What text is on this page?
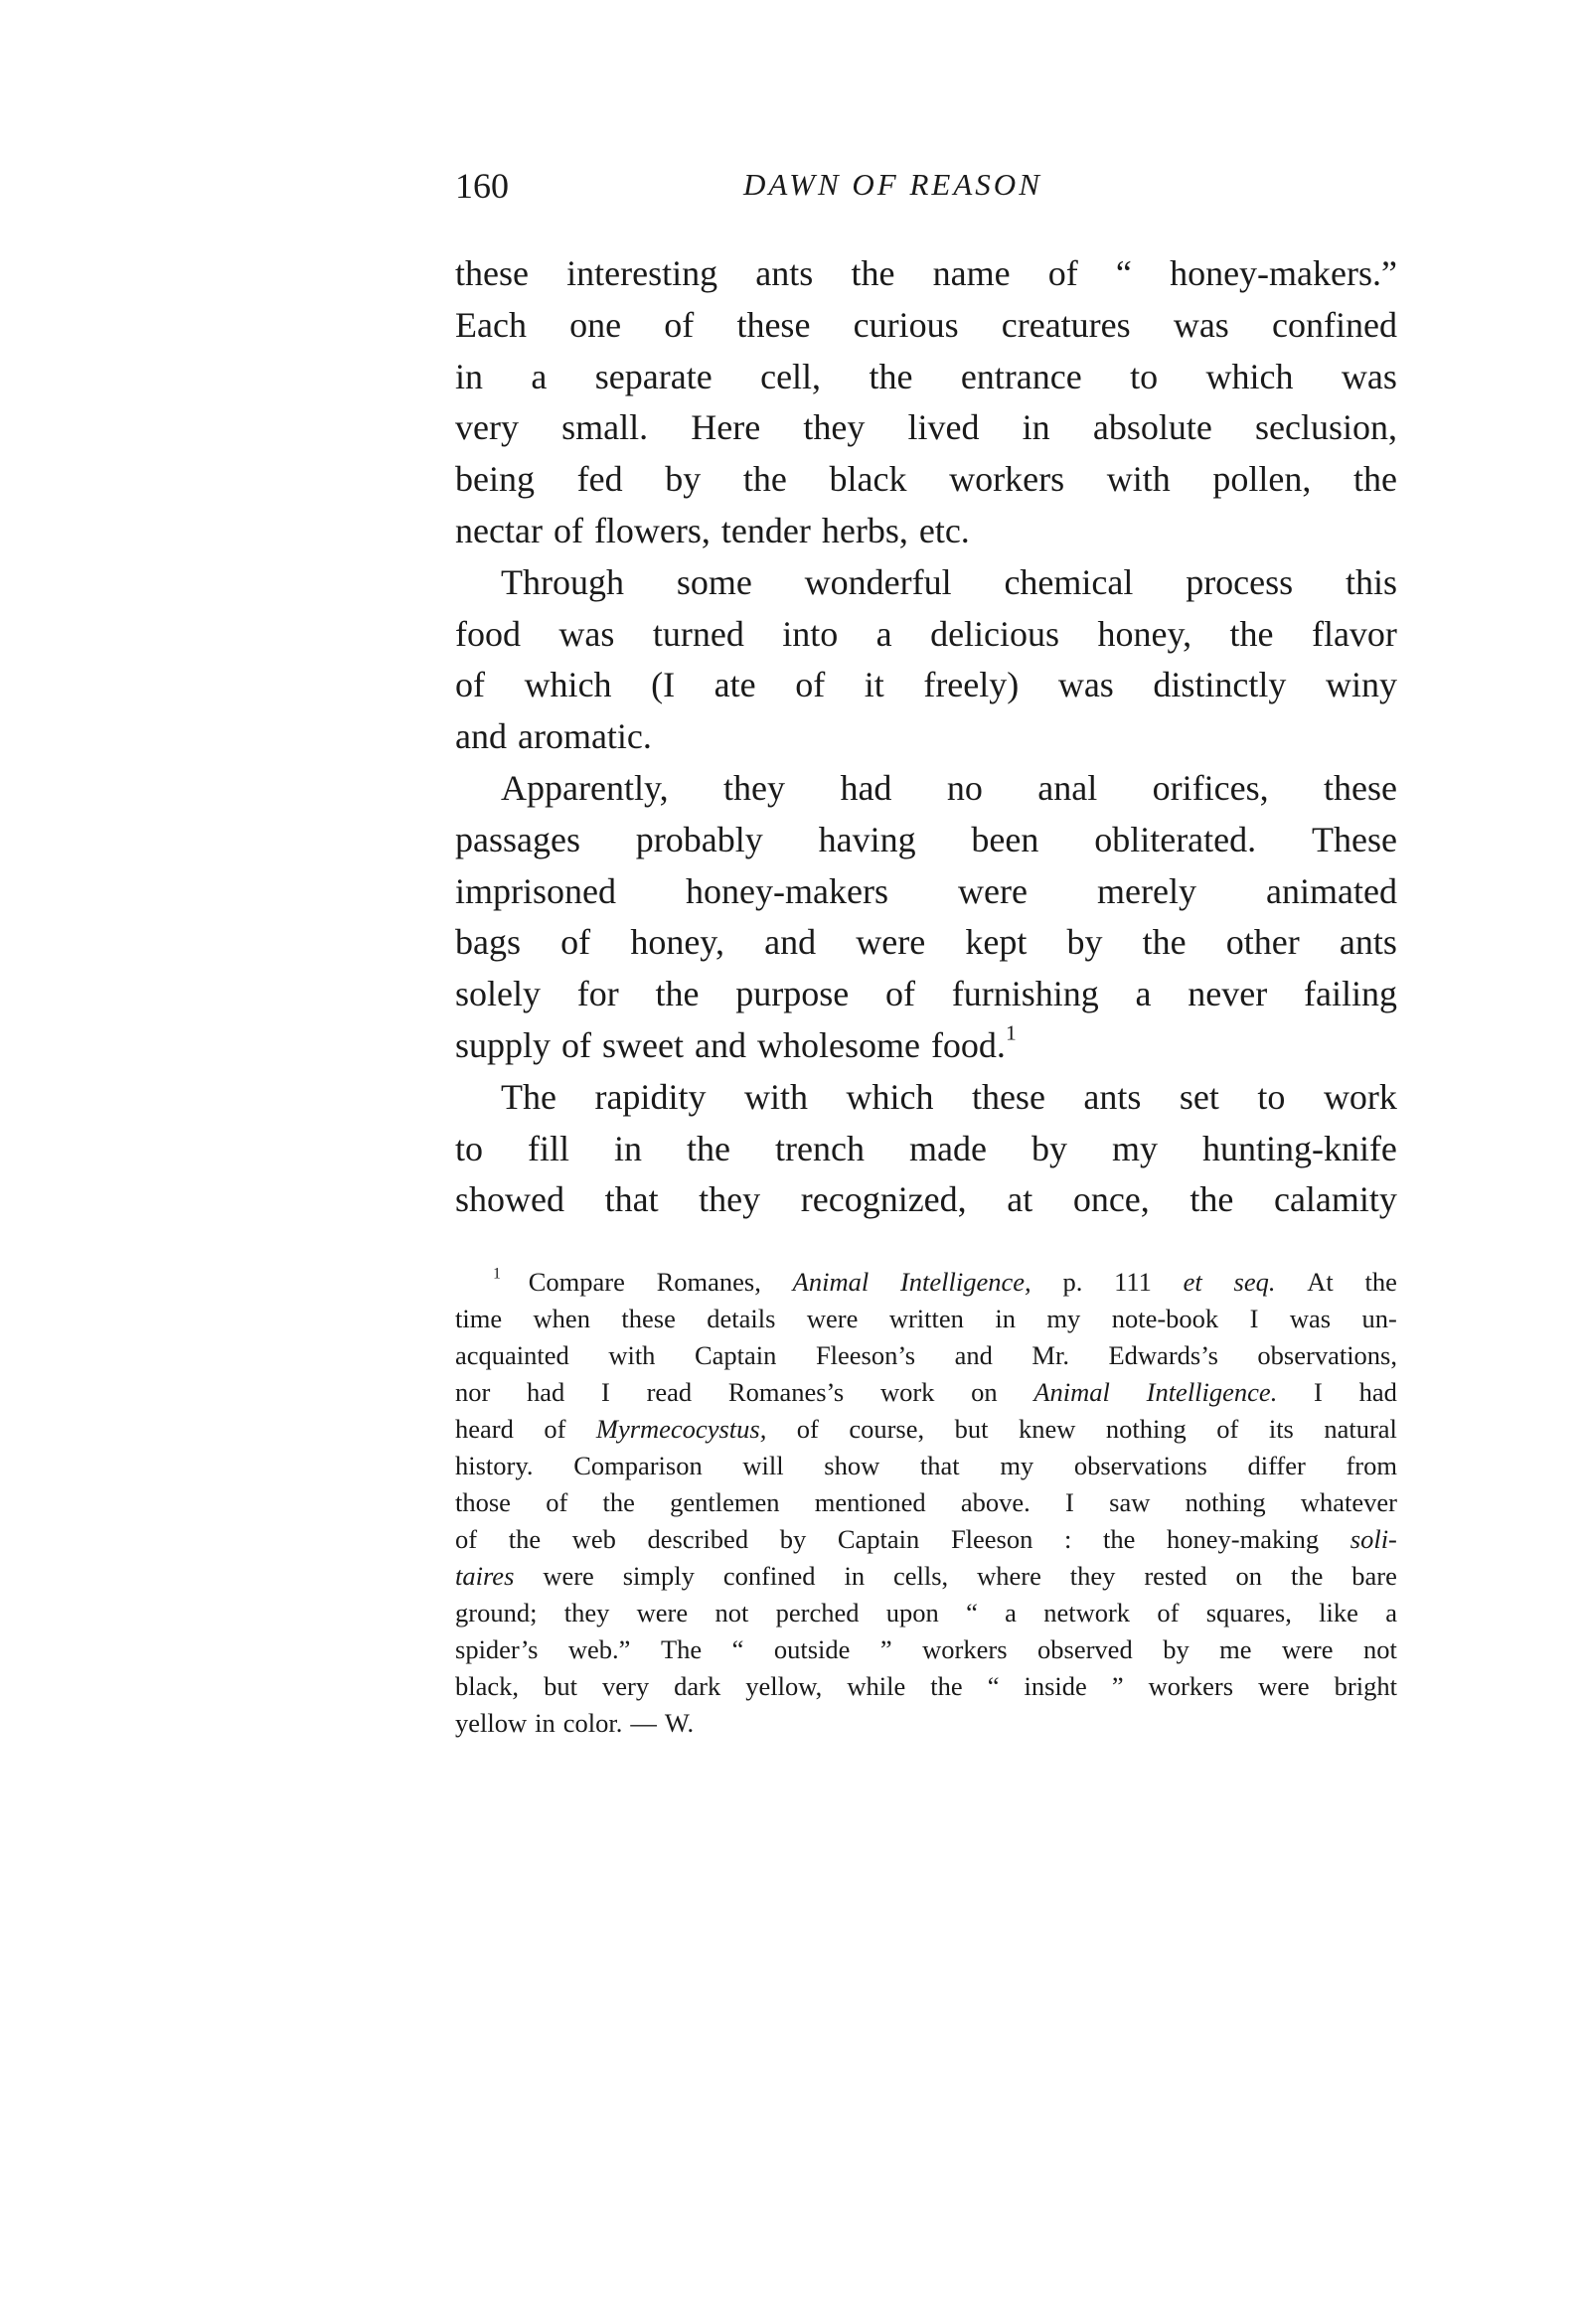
160	DAWN OF REASON
these interesting ants the name of “ honey-makers.”
Each one of these curious creatures was confined
in a separate cell, the entrance to which was
very small. Here they lived in absolute seclusion,
being fed by the black workers with pollen, the
nectar of flowers, tender herbs, etc.
Through some wonderful chemical process this
food was turned into a delicious honey, the flavor
of which (I ate of it freely) was distinctly winy
and aromatic.
Apparently, they had no anal orifices, these
passages probably having been obliterated. These
imprisoned honey-makers were merely animated
bags of honey, and were kept by the other ants
solely for the purpose of furnishing a never failing
supply of sweet and wholesome food.$^1$
The rapidity with which these ants set to work
to fill in the trench made by my hunting-knife
showed that they recognized, at once, the calamity
$^1$ Compare Romanes, Animal Intelligence, p. 111 et seq. At the
time when these details were written in my note-book I was un-
acquainted with Captain Fleeson’s and Mr. Edwards’s observations,
nor had I read Romanes’s work on Animal Intelligence. I had
heard of Myrmecocystus, of course, but knew nothing of its natural
history. Comparison will show that my observations differ from
those of the gentlemen mentioned above. I saw nothing whatever
of the web described by Captain Fleeson : the honey-making soli-
taires were simply confined in cells, where they rested on the bare
ground; they were not perched upon “ a network of squares, like a
spider’s web.” The “ outside ” workers observed by me were not
black, but very dark yellow, while the “ inside ” workers were bright
yellow in color. — W.
